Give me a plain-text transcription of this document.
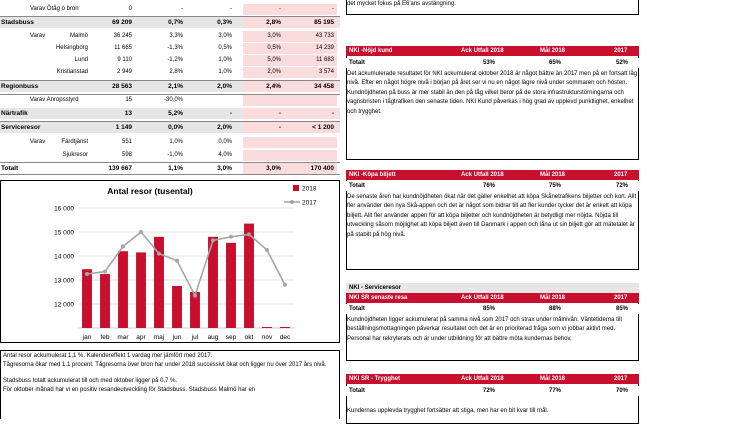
Varav Ötåg ö bron	0	-	-	-	-
Stadsbuss	69 209	0,7%	0,3%	2,8%	85 195
Varav	Malmö	36 245	3,3%	3,0%	3,0%	43 733
Helsingborg	11 665	-1,3%	0,5%	0,5%	14 239
Lund	9 110	-1,2%	1,0%	5,0%	11 683
Kristianstad	2 949	2,8%	1,0%	2,0%	3 574
Regionbuss	28 563	2,1%	2,0%	2,4%	34 458
Varav Anropsstyrd	15	-30,0%
Närtrafik	13	5,2%	-	-	-
Serviceresor	1 149	0,0%	2,0%	-	< 1 200
Varav	Färdtjänst	551	1,0%	0,0%
Sjukresor	598	-1,0%	4,0%
Totalt	139 667	1,1%	3,0%	3,0%	170 400
Antal resor (tusental)
12 000
13 000
14 000
15 000
16 000
jan feb mar apr maj jun jul aug sep okt nov dec
2018
2017
Antal resor ackumulerat 1,1 %. Kalendereffekt 1 vardag mer jämfört med 2017.
Tågresorna ökar med 1.1 procent. Tågresorna över bron har under 2018 successivt ökat och ligger nu över 2017 års nivå.
Stadsbuss totalt ackumulerat till och med oktober ligger på 0,7 %.
För oktober månad har vi en positiv resandeutveckling för Stadsbuss. Stadsbuss Malmö har en
det mycket fokus på E6'ans avstängning.
NKI -Nöjd kund	Ack Utfall 2018	Mål 2018	2017
Totalt	53%	65%	52%
Det ackumulerade resultatet för NKI ackumulerat oktober 2018 är något bättre än 2017 men på en fortsatt låg nivå. Efter en något högre nivå i början på året ser vi nu en något lägre nivå under sommaren och hösten. Kundnöjdheten på buss är mer stabil än den på tåg vilket beror på de stora infrastrukturstörningarna och vagnsbristen i tågtrafiken den senaste tiden. NKI Kund påverkas i hög grad av upplevd punktlighet, enkelhet och trygghet.
NKI -Köpa biljett	Ack Utfall 2018	Mål 2018	2017
Totalt	76%	75%	72%
De senaste åren har kundnöjdheten ökat när det gäller enkelhet att köpa Skånetrafikens biljetter och kort. Allt fler använder den nya Skå-appen och det är något som bidrar till att fler kunder tycker det är enkelt att köpa biljett. Allt fler använder appen för att köpa biljetter och kundnöjdheten är betydligt mer nöjda. Nöjda till utveckling såsom möjlighet att köpa biljett även till Danmark i appen och låna ut sin biljett gör att mätetalet är på stabilt på hög nivå.
NKI - Serviceresor
NKI SR senaste resa	Ack Utfall 2018	Mål 2018	2017
Totalt	85%	88%	85%
Kundnöjdheten ligger ackumulerat på samma nivå som 2017 och strax under målnivån. Väntetiderna till beställningsmottagningen påverkar resultatet och det är en prioriterad fråga som vi jobbar aktivt med. Personal har rekryterats och är under utbildning för att bättre möta kundernas behov.
NKI SR - Trygghet	Ack Utfall 2018	Mål 2018	2017
Totalt	72%	77%	70%
Kundernas upplevda trygghet fortsätter att stiga, men har en bit kvar till mål.
